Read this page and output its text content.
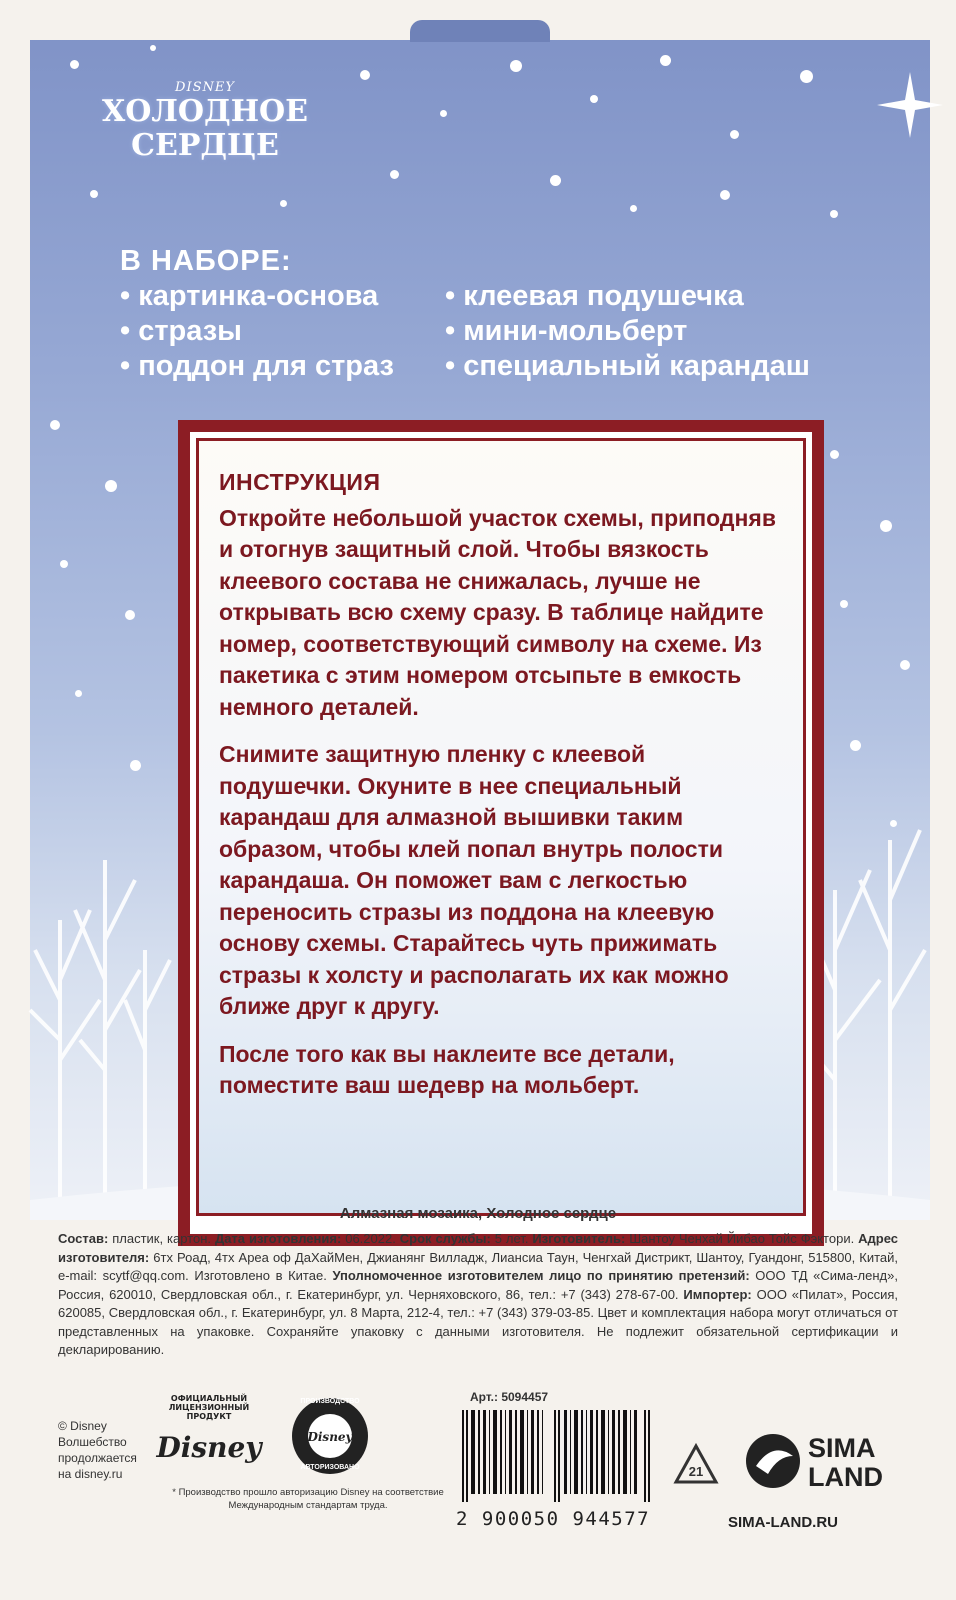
DISNEY
ХОЛОДНОЕ
СЕРДЦЕ
В НАБОРЕ:
• картинка-основа	• клеевая подушечка
• стразы	• мини-мольберт
• поддон для страз	• специальный карандаш
ИНСТРУКЦИЯ

Откройте небольшой участок схемы, приподняв и отогнув защитный слой. Чтобы вязкость клеевого состава не снижалась, лучше не открывать всю схему сразу. В таблице найдите номер, соответствующий символу на схеме. Из пакетика с этим номером отсыпьте в емкость немного деталей.

Снимите защитную пленку с клеевой подушечки. Окуните в нее специальный карандаш для алмазной вышивки таким образом, чтобы клей попал внутрь полости карандаша. Он поможет вам с легкостью переносить стразы из поддона на клеевую основу схемы. Старайтесь чуть прижимать стразы к холсту и располагать их как можно ближе друг к другу.

После того как вы наклеите все детали, поместите ваш шедевр на мольберт.

Алмазная мозаика, Холодное сердце
Состав: пластик, картон. Дата изготовления: 06.2022. Срок службы: 5 лет. Изготовитель: Шантоу Ченхай Йибао Тойс Фэктори. Адрес изготовителя: 6тх Роад, 4тх Ареа оф ДаХайМен, Джианянг Вилладж, Лиансиа Таун, Ченгхай Дистрикт, Шантоу, Гуандонг, 515800, Китай, e-mail: scytf@qq.com. Изготовлено в Китае. Уполномоченное изготовителем лицо по принятию претензий: ООО ТД «Сима-ленд», Россия, 620010, Свердловская обл., г. Екатеринбург, ул. Черняховского, 86, тел.: +7 (343) 278-67-00. Импортер: ООО «Пилат», Россия, 620085, Свердловская обл., г. Екатеринбург, ул. 8 Марта, 212-4, тел.: +7 (343) 379-03-85. Цвет и комплектация набора могут отличаться от представленных на упаковке. Сохраняйте упаковку с данными изготовителя. Не подлежит обязательной сертификации и декларированию.
© Disney Волшебство продолжается на disney.ru
ОФИЦИАЛЬНЫЙ ЛИЦЕНЗИОННЫЙ ПРОДУКТ
Disney	Disney
ПРОИЗВОДСТВО
АВТОРИЗОВАНО
* Производство прошло авторизацию Disney на соответствие Международным стандартам труда.
Арт.: 5094457
2 900050 944577
21
SIMA
LAND
SIMA-LAND.RU
